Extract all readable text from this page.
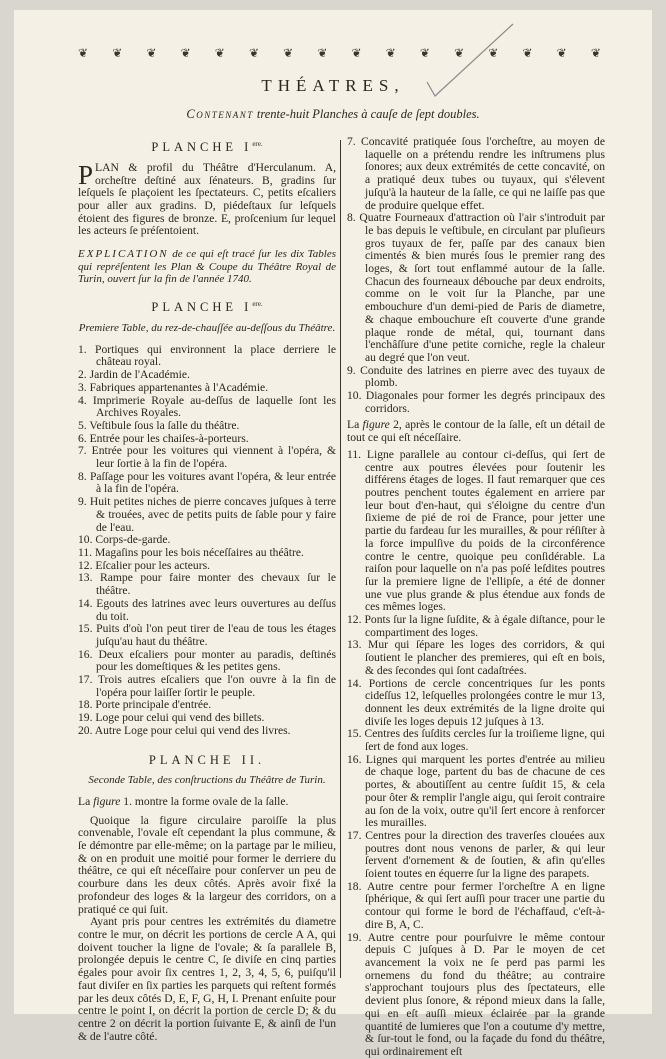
❦ ❦ ❦ ❦ ❦ ❦ ❦ ❦ ❦ ❦ ❦ ❦ ❦ ❦ ❦ ❦
THÉATRES,
Contenant trente-huit Planches à cauſe de ſept doubles.
PLANCHE $I^{ere.}$

PLAN & profil du Théâtre d'Herculanum. A, orcheſtre deſtiné aux ſénateurs. B, gradins ſur leſquels ſe plaçoient les ſpectateurs. C, petits eſcaliers pour aller aux gradins. D, piédeſtaux ſur leſquels étoient des figures de bronze. E, proſcenium ſur lequel les acteurs ſe préſentoient.

EXPLICATION de ce qui eſt tracé ſur les dix Tables qui repréſentent les Plan & Coupe du Théâtre Royal de Turin, ouvert ſur la fin de l'année 1740.

PLANCHE $I^{ere.}$
Premiere Table, du rez-de-chauſſée au-deſſous du Théâtre.

1. Portiques qui environnent la place derriere le château royal.

2. Jardin de l'Académie.

3. Fabriques appartenantes à l'Académie.

4. Imprimerie Royale au-deſſus de laquelle ſont les Archives Royales.

5. Veſtibule ſous la ſalle du théâtre.

6. Entrée pour les chaiſes-à-porteurs.

7. Entrée pour les voitures qui viennent à l'opéra, & leur ſortie à la fin de l'opéra.

8. Paſſage pour les voitures avant l'opéra, & leur entrée à la fin de l'opéra.

9. Huit petites niches de pierre concaves juſques à terre & trouées, avec de petits puits de ſable pour y faire de l'eau.

10. Corps-de-garde.

11. Magaſins pour les bois néceſſaires au théâtre.

12. Eſcalier pour les acteurs.

13. Rampe pour faire monter des chevaux ſur le théâtre.

14. Egouts des latrines avec leurs ouvertures au deſſus du toit.

15. Puits d'où l'on peut tirer de l'eau de tous les étages juſqu'au haut du théâtre.

16. Deux eſcaliers pour monter au paradis, deſtinés pour les domeſtiques & les petites gens.

17. Trois autres eſcaliers que l'on ouvre à la fin de l'opéra pour laiſſer ſortir le peuple.

18. Porte principale d'entrée.

19. Loge pour celui qui vend des billets.

20. Autre Loge pour celui qui vend des livres.

PLANCHE II.
Seconde Table, des conſtructions du Théâtre de Turin.

La figure 1. montre la forme ovale de la ſalle.

Quoique la figure circulaire paroiſſe la plus convenable, l'ovale eſt cependant la plus commune, & ſe démontre par elle-même; on la partage par le milieu, & on en produit une moitié pour former le derriere du théâtre, ce qui eſt néceſſaire pour conſerver un peu de courbure dans les deux côtés. Après avoir fixé la profondeur des loges & la largeur des corridors, on a pratiqué ce qui ſuit.

Ayant pris pour centres les extrémités du diametre contre le mur, on décrit les portions de cercle A A, qui doivent toucher la ligne de l'ovale; & ſa parallele B, prolongée depuis le centre C, ſe diviſe en cinq parties égales pour avoir ſix centres 1, 2, 3, 4, 5, 6, puiſqu'il faut diviſer en ſix parties les parquets qui reſtent formés par les deux côtés D, E, F, G, H, I. Prenant enſuite pour centre le point I, on décrit la portion de cercle D; & du centre 2 on décrit la portion ſuivante E, & ainſi de l'un & de l'autre côté.

7. Concavité pratiquée ſous l'orcheſtre, au moyen de laquelle on a prétendu rendre les inſtrumens plus ſonores; aux deux extrémités de cette concavité, on a pratiqué deux tubes ou tuyaux, qui s'élevent juſqu'à la hauteur de la ſalle, ce qui ne laiſſe pas que de produire quelque effet.

8. Quatre Fourneaux d'attraction où l'air s'introduit par le bas depuis le veſtibule, en circulant par pluſieurs gros tuyaux de fer, paſſe par des canaux bien cimentés & bien murés ſous le premier rang des loges, & ſort tout enflammé autour de la ſalle. Chacun des fourneaux débouche par deux endroits, comme on le voit ſur la Planche, par une embouchure d'un demi-pied de Paris de diametre, & chaque embouchure eſt couverte d'une grande plaque ronde de métal, qui, tournant dans l'enchâſſure d'une petite corniche, regle la chaleur au degré que l'on veut.

9. Conduite des latrines en pierre avec des tuyaux de plomb.

10. Diagonales pour former les degrés principaux des corridors.

La figure 2, après le contour de la ſalle, eſt un détail de tout ce qui eſt néceſſaire.

11. Ligne parallele au contour ci-deſſus, qui ſert de centre aux poutres élevées pour ſoutenir les différens étages de loges. Il faut remarquer que ces poutres penchent toutes également en arriere par leur bout d'en-haut, qui s'éloigne du centre d'un ſixieme de pié de roi de France, pour jetter une partie du fardeau ſur les murailles, & pour réſiſter à la force impulſive du poids de la circonférence contre le centre, quoique peu conſidérable. La raiſon pour laquelle on n'a pas poſé leſdites poutres ſur la premiere ligne de l'ellipſe, a été de donner une vue plus grande & plus étendue aux fonds de ces mêmes loges.

12. Ponts ſur la ligne ſuſdite, & à égale diſtance, pour le compartiment des loges.

13. Mur qui ſépare les loges des corridors, & qui ſoutient le plancher des premieres, qui eſt en bois, & des ſecondes qui ſont cadaſtrées.

14. Portions de cercle concentriques ſur les ponts cideſſus 12, leſquelles prolongées contre le mur 13, donnent les deux extrémités de la ligne droite qui diviſe les loges depuis 12 juſques à 13.

15. Centres des ſuſdits cercles ſur la troiſieme ligne, qui ſert de fond aux loges.

16. Lignes qui marquent les portes d'entrée au milieu de chaque loge, partent du bas de chacune de ces portes, & aboutiſſent au centre ſuſdit 15, & cela pour ôter & remplir l'angle aigu, qui ſeroit contraire au ſon de la voix, outre qu'il ſert encore à renforcer les murailles.

17. Centres pour la direction des traverſes clouées aux poutres dont nous venons de parler, & qui leur ſervent d'ornement & de ſoutien, & afin qu'elles ſoient toutes en équerre ſur la ligne des parapets.

18. Autre centre pour fermer l'orcheſtre A en ligne ſphérique, & qui ſert auſſi pour tracer une partie du contour qui forme le bord de l'échaffaud, c'eſt-à-dire B, A, C.

19. Autre centre pour pourſuivre le même contour depuis C juſques à D. Par le moyen de cet avancement la voix ne ſe perd pas parmi les ornemens du fond du théâtre; au contraire s'approchant toujours plus des ſpectateurs, elle devient plus ſonore, & répond mieux dans la ſalle, qui en eſt auſſi mieux éclairée par la grande quantité de lumieres que l'on a coutume d'y mettre, & ſur-tout le fond, ou la façade du fond du théâtre, qui ordinairement eſt
